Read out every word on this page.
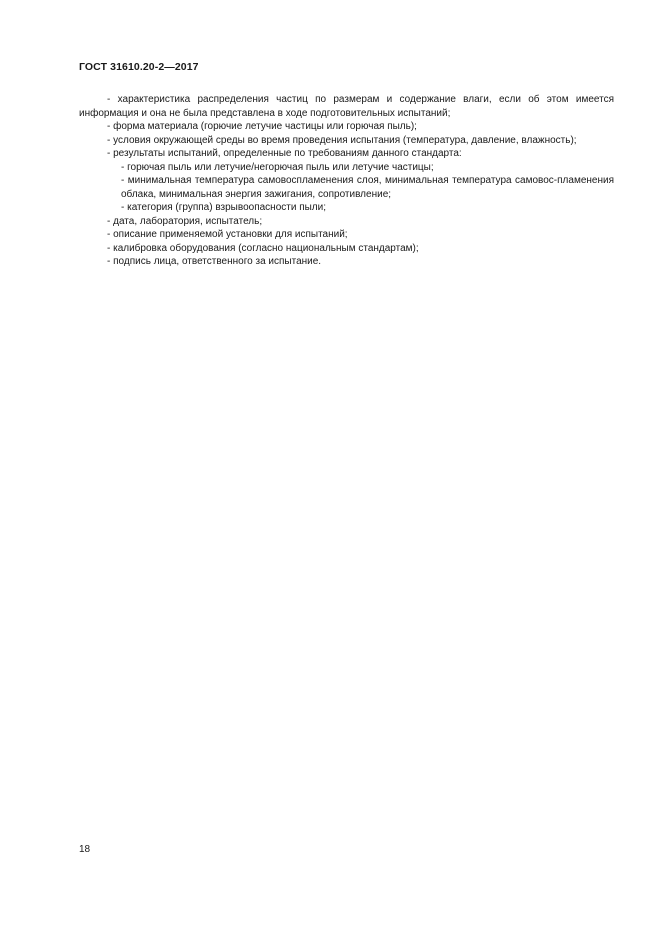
ГОСТ 31610.20-2—2017

- характеристика распределения частиц по размерам и содержание влаги, если об этом имеется информация и она не была представлена в ходе подготовительных испытаний;

- форма материала (горючие летучие частицы или горючая пыль);

- условия окружающей среды во время проведения испытания (температура, давление, влажность);

- результаты испытаний, определенные по требованиям данного стандарта:

- горючая пыль или летучие/негорючая пыль или летучие частицы;

- минимальная температура самовоспламенения слоя, минимальная температура самовос-пламенения облака, минимальная энергия зажигания, сопротивление;

- категория (группа) взрывоопасности пыли;

- дата, лаборатория, испытатель;

- описание применяемой установки для испытаний;

- калибровка оборудования (согласно национальным стандартам);

- подпись лица, ответственного за испытание.

18
